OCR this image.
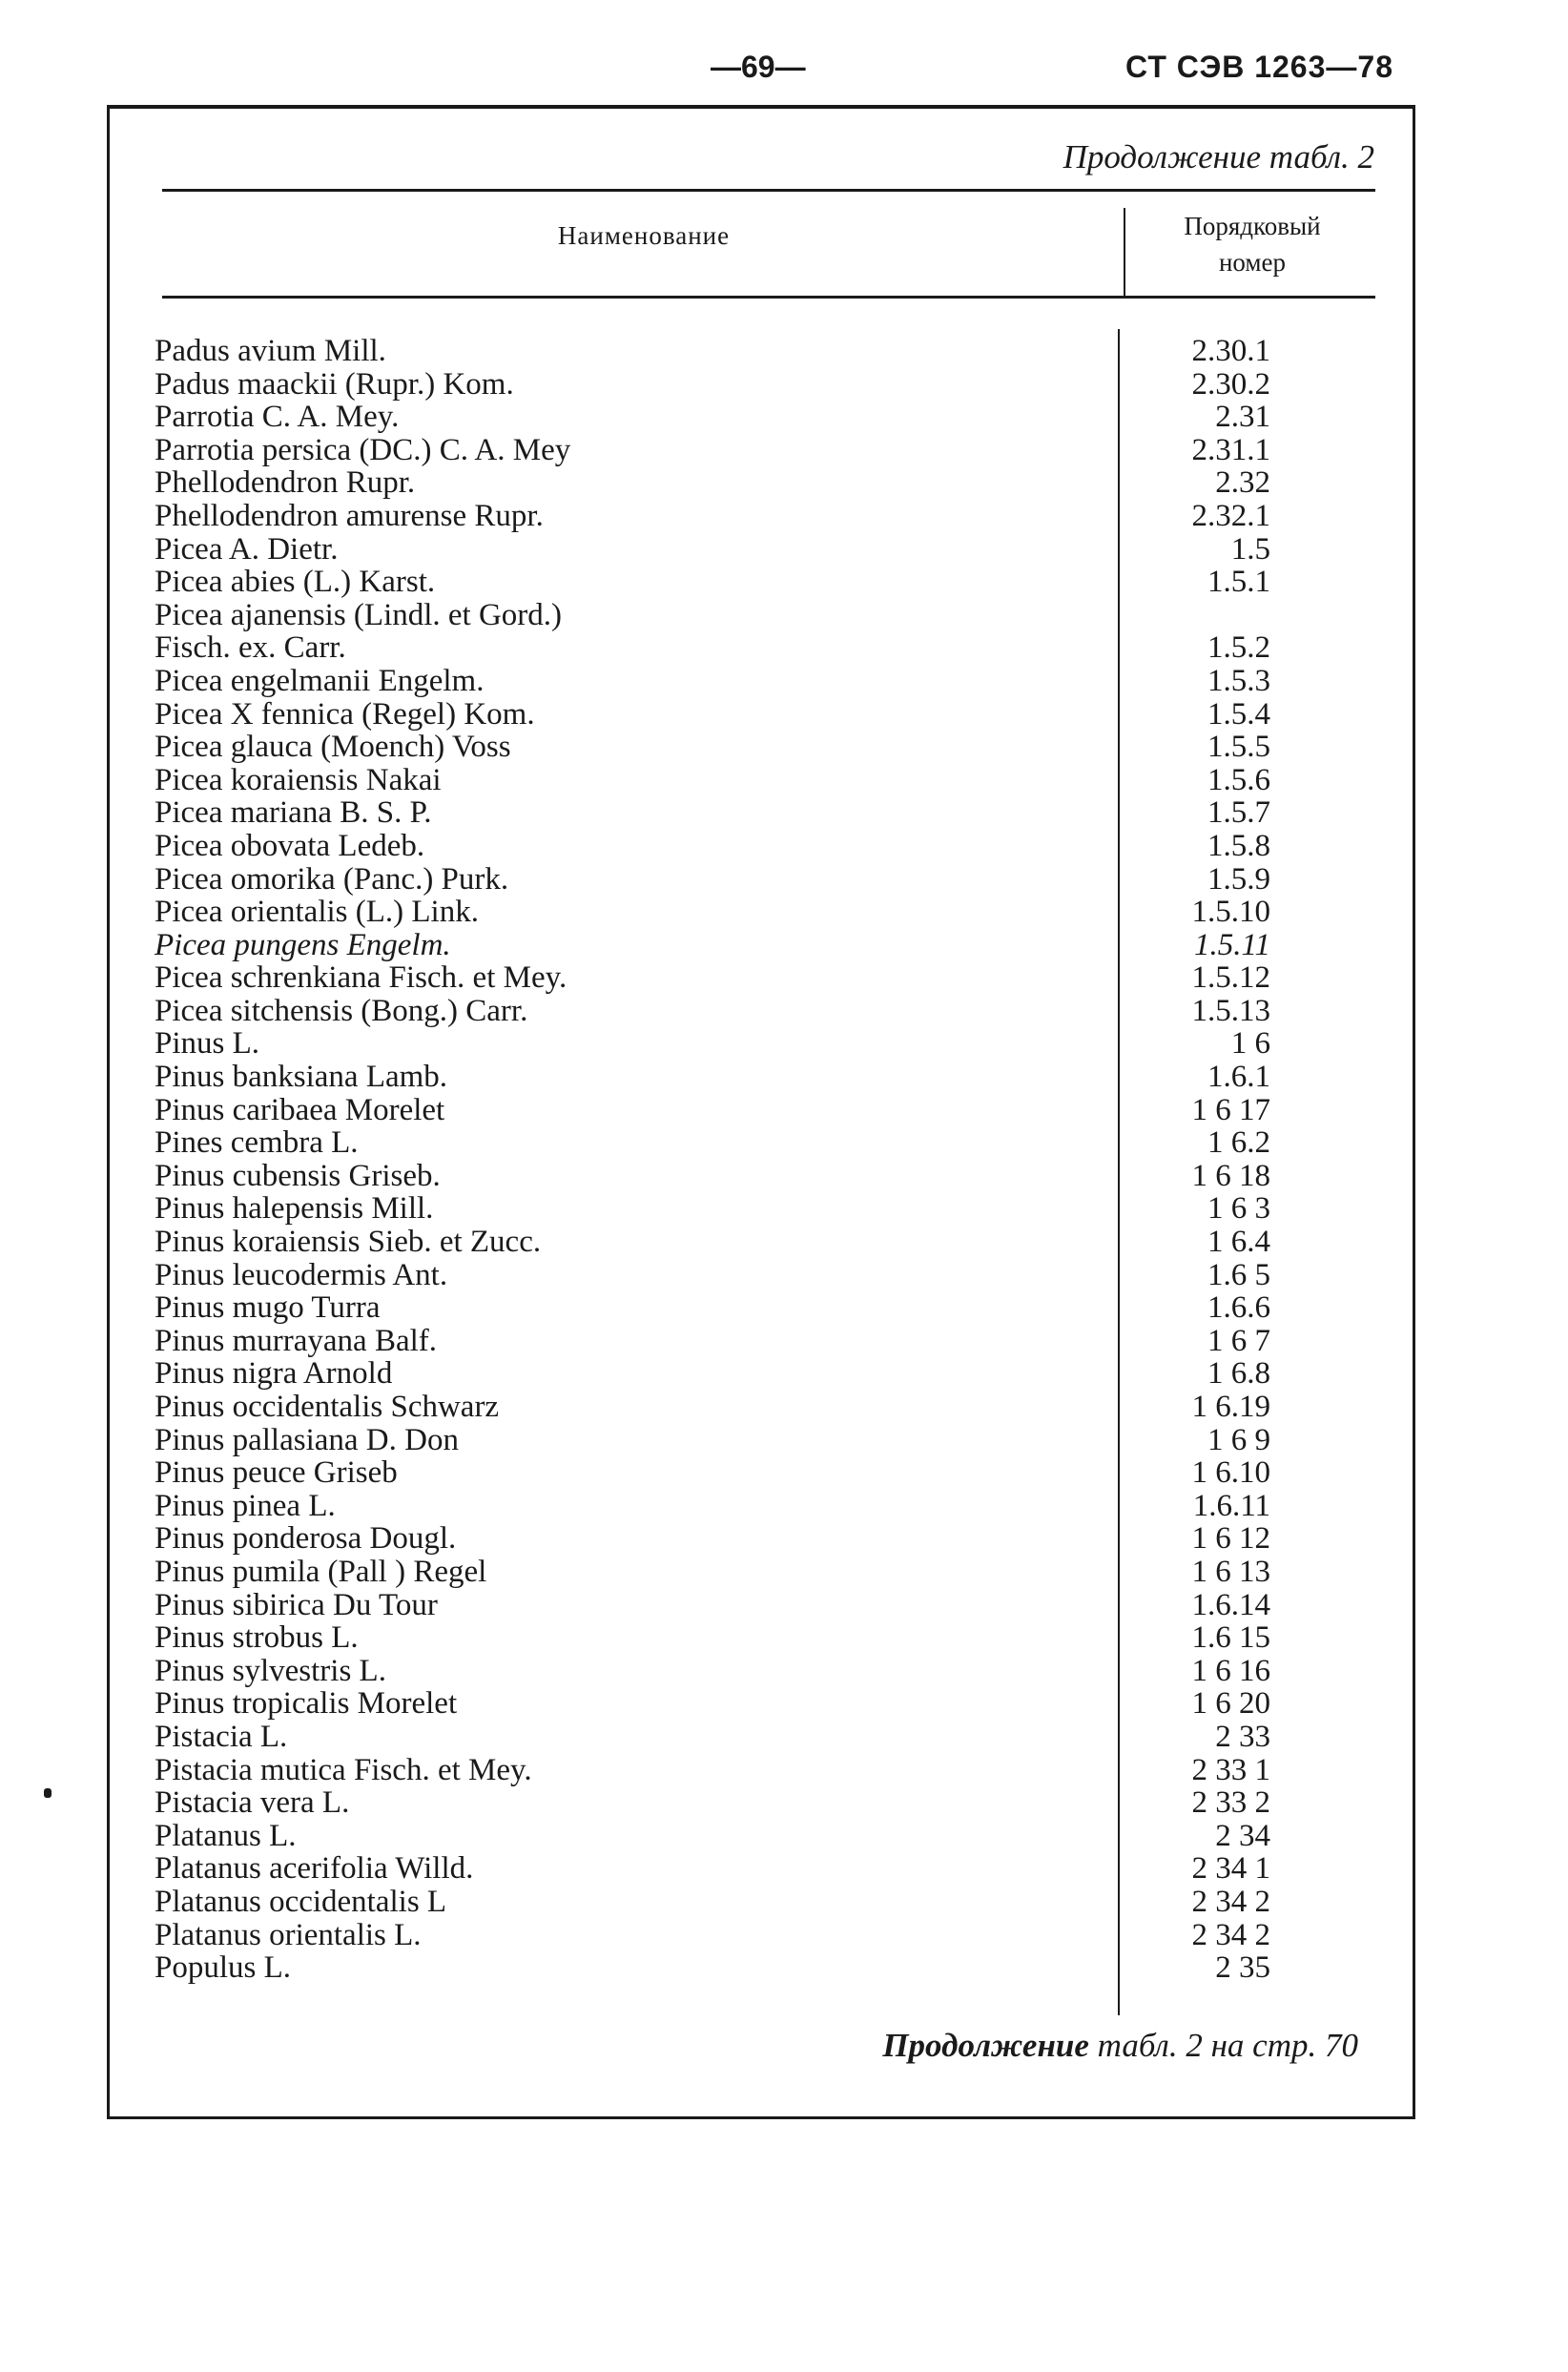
—69—	СТ СЭВ 1263—78
Продолжение табл. 2
Наименование	Порядковый
номер
Padus avium Mill.	2.30.1
Padus maackii (Rupr.) Kom.	2.30.2
Parrotia C. A. Mey.	2.31
Parrotia persica (DC.) C. A. Mey	2.31.1
Phellodendron Rupr.	2.32
Phellodendron amurense Rupr.	2.32.1
Picea A. Dietr.	1.5
Picea abies (L.) Karst.	1.5.1
Picea ajanensis (Lindl. et Gord.)
Fisch. ex. Carr.	1.5.2
Picea engelmanii Engelm.	1.5.3
Picea X fennica (Regel) Kom.	1.5.4
Picea glauca (Moench) Voss	1.5.5
Picea koraiensis Nakai	1.5.6
Picea mariana B. S. P.	1.5.7
Picea obovata Ledeb.	1.5.8
Picea omorika (Panc.) Purk.	1.5.9
Picea orientalis (L.) Link.	1.5.10
Picea pungens Engelm.	1.5.11
Picea schrenkiana Fisch. et Mey.	1.5.12
Picea sitchensis (Bong.) Carr.	1.5.13
Pinus L.	1 6
Pinus banksiana Lamb.	1.6.1
Pinus caribaea Morelet	1 6 17
Pines cembra L.	1 6.2
Pinus cubensis Griseb.	1 6 18
Pinus halepensis Mill.	1 6 3
Pinus koraiensis Sieb. et Zucc.	1 6.4
Pinus leucodermis Ant.	1.6 5
Pinus mugo Turra	1.6.6
Pinus murrayana Balf.	1 6 7
Pinus nigra Arnold	1 6.8
Pinus occidentalis Schwarz	1 6.19
Pinus pallasiana D. Don	1 6 9
Pinus peuce Griseb	1 6.10
Pinus pinea L.	1.6.11
Pinus ponderosa Dougl.	1 6 12
Pinus pumila (Pall ) Regel	1 6 13
Pinus sibirica Du Tour	1.6.14
Pinus strobus L.	1.6 15
Pinus sylvestris L.	1 6 16
Pinus tropicalis Morelet	1 6 20
Pistacia L.	2 33
Pistacia mutica Fisch. et Mey.	2 33 1
Pistacia vera L.	2 33 2
Platanus L.	2 34
Platanus acerifolia Willd.	2 34 1
Platanus occidentalis L	2 34 2
Platanus orientalis L.	2 34 2
Populus L.	2 35
Продолжение табл. 2 на стр. 70
